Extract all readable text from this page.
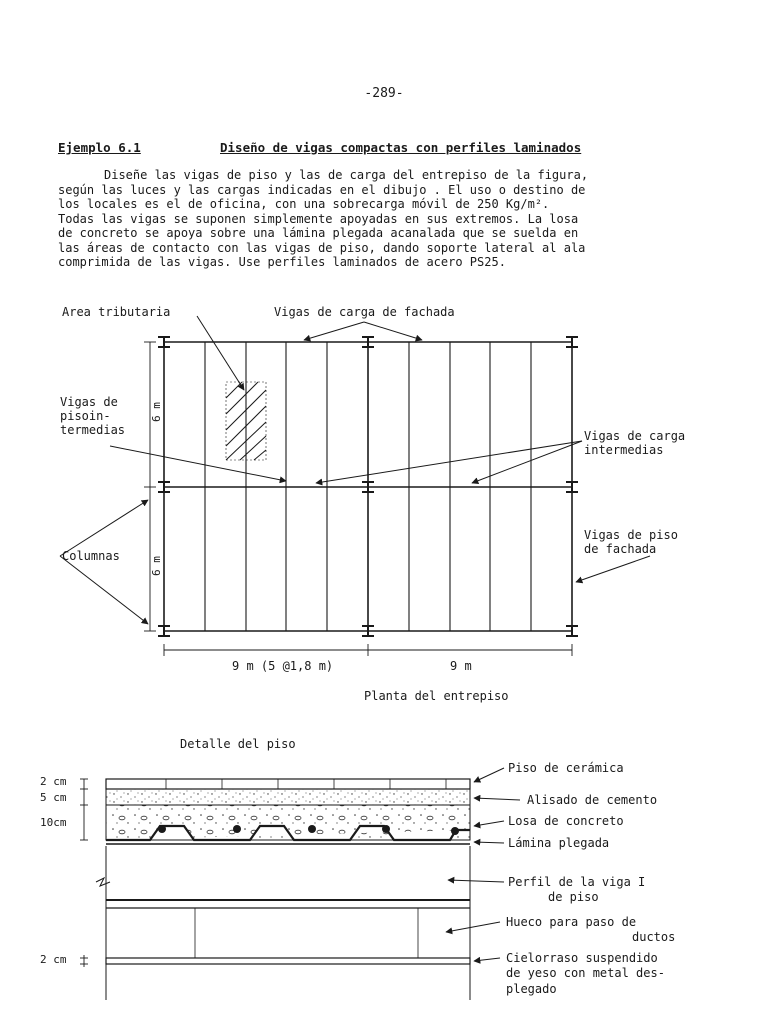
-289-
Ejemplo 6.1	Diseño de vigas compactas con perfiles laminados
Diseñe las vigas de piso y las de carga del entrepiso de la figura,
según las luces y las cargas indicadas en el dibujo . El uso o destino de
los locales es el de oficina, con una sobrecarga móvil de 250 Kg/m².
Todas las vigas se suponen simplemente apoyadas en sus extremos. La losa
de concreto se apoya sobre una lámina plegada acanalada que se suelda en
las áreas de contacto con las vigas de piso, dando soporte lateral al ala
comprimida de las vigas. Use perfiles laminados de acero PS25.
Area tributaria	Vigas de carga de fachada
Vigas de
pisoin-
termedias	Vigas de carga
intermedias
Columnas
Vigas de piso
de fachada
6 m
6 m
9 m (5 @1,8 m)	9 m
Planta del entrepiso
Detalle del piso
2 cm
5 cm
10cm
2 cm
Piso de cerámica
Alisado de cemento
Losa de concreto
Lámina plegada
Perfil de la viga I
de piso
Hueco para paso de
ductos
Cielorraso suspendido
de yeso con metal des-
plegado
